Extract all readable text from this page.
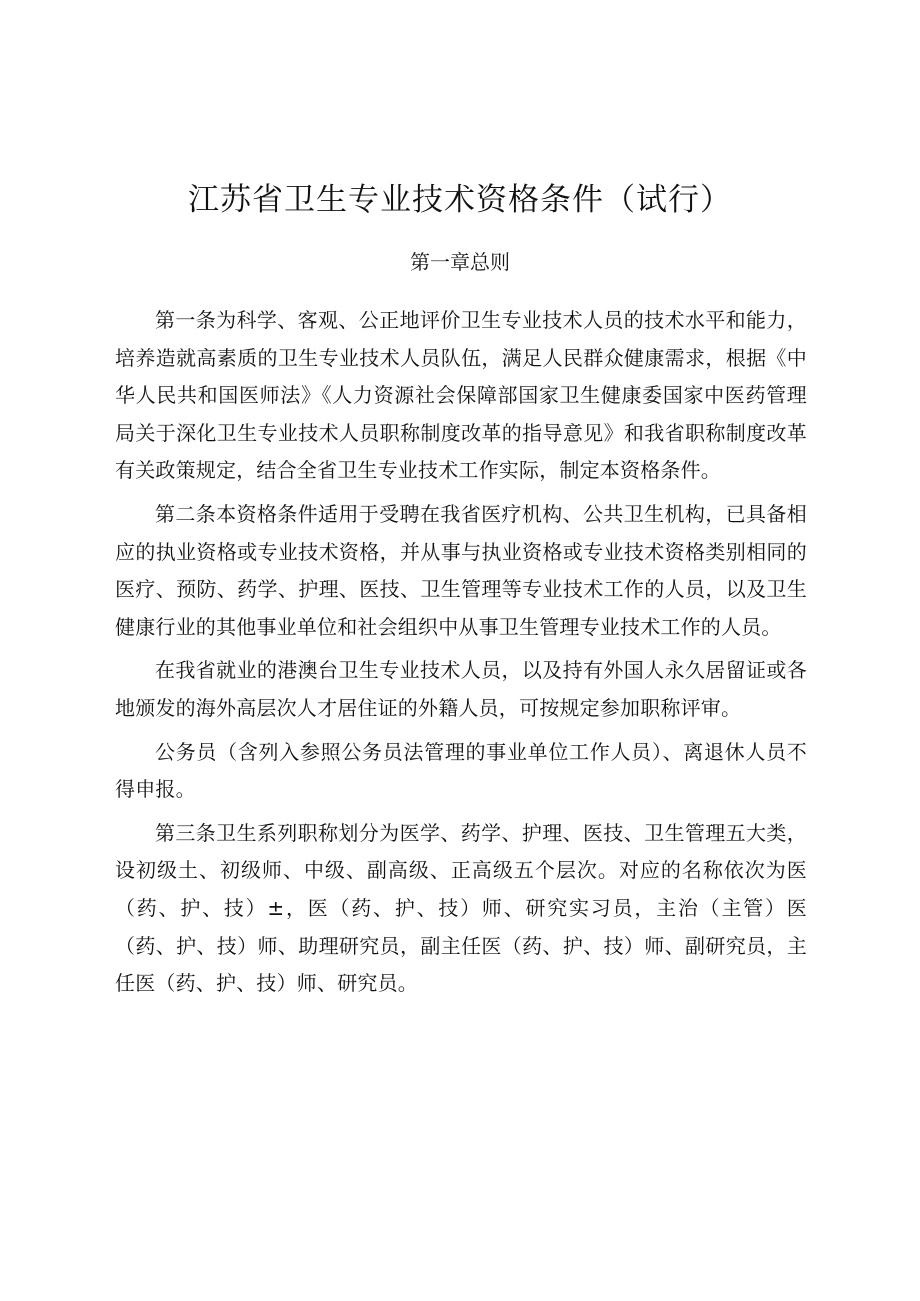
江苏省卫生专业技术资格条件（试行）
第一章总则

第一条为科学、客观、公正地评价卫生专业技术人员的技术水平和能力，培养造就高素质的卫生专业技术人员队伍，满足人民群众健康需求，根据《中华人民共和国医师法》《人力资源社会保障部国家卫生健康委国家中医药管理局关于深化卫生专业技术人员职称制度改革的指导意见》和我省职称制度改革有关政策规定，结合全省卫生专业技术工作实际，制定本资格条件。

第二条本资格条件适用于受聘在我省医疗机构、公共卫生机构，已具备相应的执业资格或专业技术资格，并从事与执业资格或专业技术资格类别相同的医疗、预防、药学、护理、医技、卫生管理等专业技术工作的人员，以及卫生健康行业的其他事业单位和社会组织中从事卫生管理专业技术工作的人员。

在我省就业的港澳台卫生专业技术人员，以及持有外国人永久居留证或各地颁发的海外高层次人才居住证的外籍人员，可按规定参加职称评审。

公务员（含列入参照公务员法管理的事业单位工作人员）、离退休人员不得申报。

第三条卫生系列职称划分为医学、药学、护理、医技、卫生管理五大类，设初级土、初级师、中级、副高级、正高级五个层次。对应的名称依次为医（药、护、技）±，医（药、护、技）师、研究实习员，主治（主管）医（药、护、技）师、助理研究员，副主任医（药、护、技）师、副研究员，主任医（药、护、技）师、研究员。
